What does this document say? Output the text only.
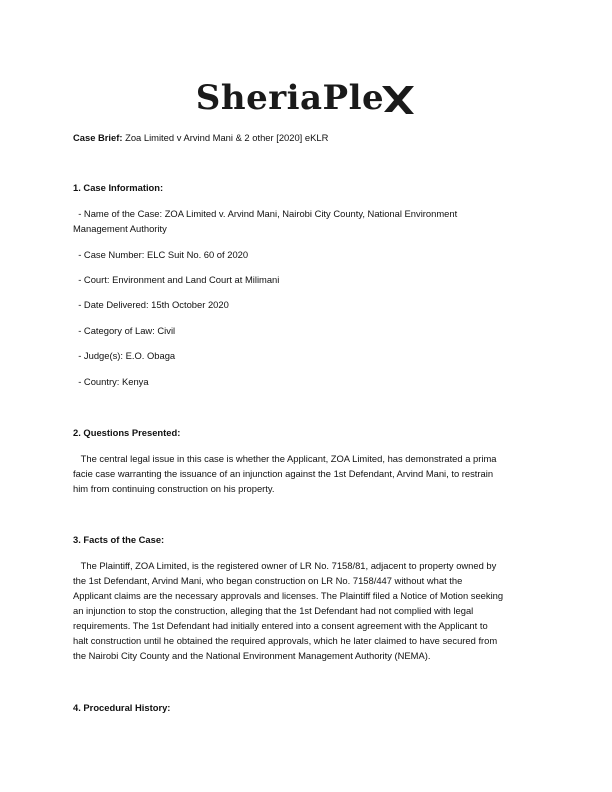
SheriaPle
Case Brief: Zoa Limited v Arvind Mani & 2 other [2020] eKLR
1. Case Information:
- Name of the Case: ZOA Limited v. Arvind Mani, Nairobi City County, National Environment
Management Authority
- Case Number: ELC Suit No. 60 of 2020
- Court: Environment and Land Court at Milimani
- Date Delivered: 15th October 2020
- Category of Law: Civil
- Judge(s): E.O. Obaga
- Country: Kenya
2. Questions Presented:
The central legal issue in this case is whether the Applicant, ZOA Limited, has demonstrated a prima
facie case warranting the issuance of an injunction against the 1st Defendant, Arvind Mani, to restrain
him from continuing construction on his property.
3. Facts of the Case:
The Plaintiff, ZOA Limited, is the registered owner of LR No. 7158/81, adjacent to property owned by
the 1st Defendant, Arvind Mani, who began construction on LR No. 7158/447 without what the
Applicant claims are the necessary approvals and licenses. The Plaintiff filed a Notice of Motion seeking
an injunction to stop the construction, alleging that the 1st Defendant had not complied with legal
requirements. The 1st Defendant had initially entered into a consent agreement with the Applicant to
halt construction until he obtained the required approvals, which he later claimed to have secured from
the Nairobi City County and the National Environment Management Authority (NEMA).
4. Procedural History:
